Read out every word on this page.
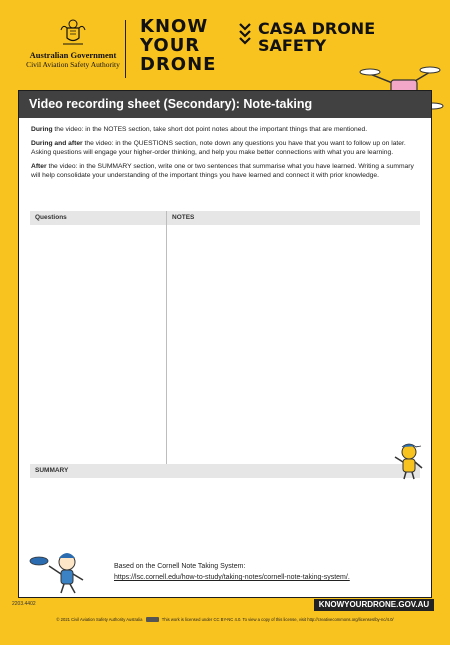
Australian Government
Civil Aviation Safety Authority
KNOW
YOUR
DRONE
CASA DRONE
SAFETY
Video recording sheet (Secondary): Note-taking

During the video: in the NOTES section, take short dot point notes about the important things that are mentioned.

During and after the video: in the QUESTIONS section, note down any questions you have that you want to follow up on later. Asking questions will engage your higher-order thinking, and help you make better connections with what you are learning.

After the video: in the SUMMARY section, write one or two sentences that summarise what you have learned. Writing a summary will help consolidate your understanding of the important things you have learned and connect it with prior knowledge.

Questions	NOTES
SUMMARY
Based on the Cornell Note Taking System:
https://lsc.cornell.edu/how-to-study/taking-notes/cornell-note-taking-system/.
2203.4402	KNOWYOURDRONE.GOV.AU
© 2021 Civil Aviation Safety Authority Australia	This work is licensed under CC BY-NC 4.0. To view a copy of this license, visit http://creativecommons.org/licenses/by-nc/4.0/
